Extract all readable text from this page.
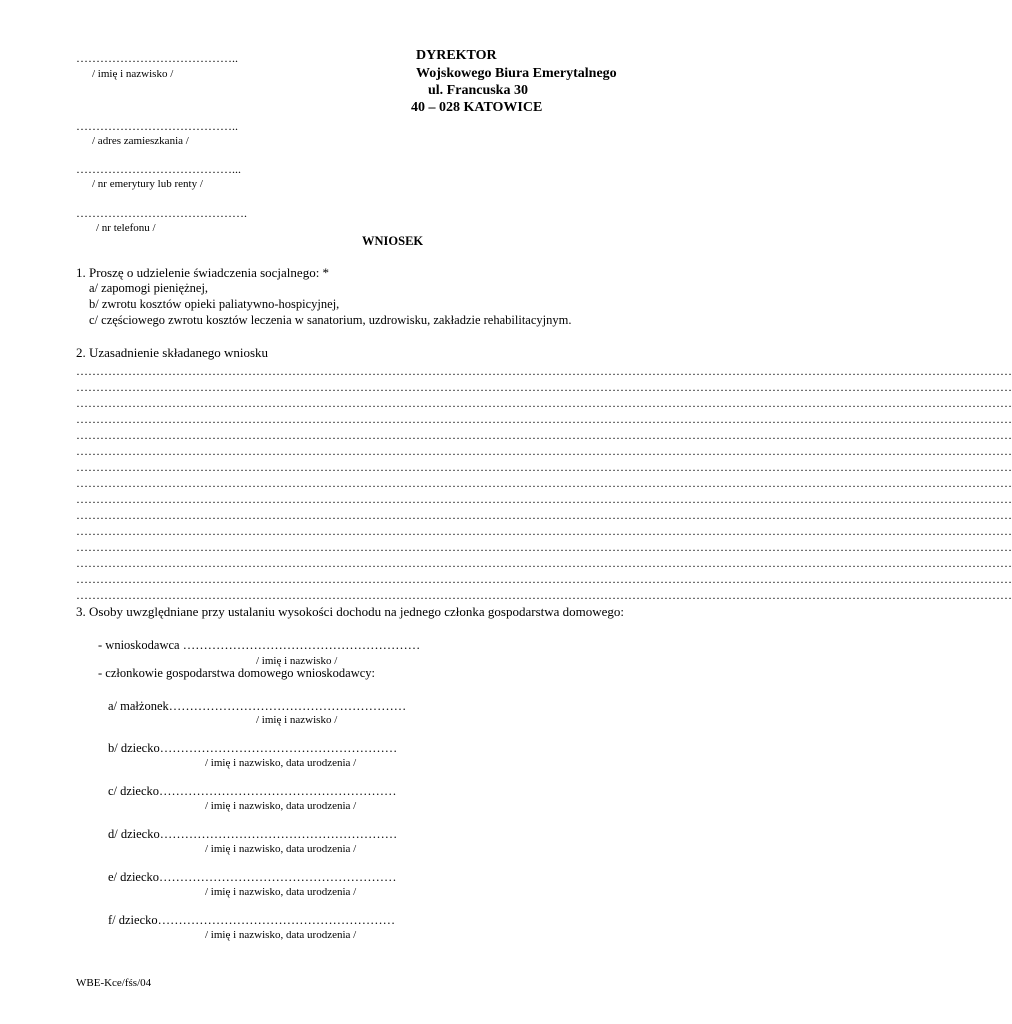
…………………………………..
/ imię i nazwisko /
…………………………………..
/ adres zamieszkania /
…………………………………...
/ nr emerytury lub renty /
…………………………………….
/ nr telefonu /
DYREKTOR
Wojskowego Biura Emerytalnego
ul. Francuska 30
40 – 028 KATOWICE
WNIOSEK
1. Proszę o udzielenie świadczenia socjalnego: *
a/ zapomogi pieniężnej,
b/ zwrotu kosztów opieki paliatywno-hospicyjnej,
c/ częściowego zwrotu kosztów leczenia w sanatorium, uzdrowisku, zakładzie rehabilitacyjnym.
2. Uzasadnienie składanego wniosku
………………………………………………………………………………………………………………………………………………………………………………………………………………
………………………………………………………………………………………………………………………………………………………………………………………………………………
………………………………………………………………………………………………………………………………………………………………………………………………………………
………………………………………………………………………………………………………………………………………………………………………………………………………………
………………………………………………………………………………………………………………………………………………………………………………………………………………
………………………………………………………………………………………………………………………………………………………………………………………………………………
………………………………………………………………………………………………………………………………………………………………………………………………………………
………………………………………………………………………………………………………………………………………………………………………………………………………………
………………………………………………………………………………………………………………………………………………………………………………………………………………
………………………………………………………………………………………………………………………………………………………………………………………………………………
………………………………………………………………………………………………………………………………………………………………………………………………………………
………………………………………………………………………………………………………………………………………………………………………………………………………………
………………………………………………………………………………………………………………………………………………………………………………………………………………
………………………………………………………………………………………………………………………………………………………………………………………………………………
………………………………………………………………………………………………………………………………………………………………………………………………………………
3. Osoby uwzględniane przy ustalaniu wysokości dochodu na jednego członka gospodarstwa domowego:
- wnioskodawca …………………………………………………
/ imię i nazwisko /
- członkowie gospodarstwa domowego wnioskodawcy:
a/ małżonek…………………………………………………
/ imię i nazwisko /
b/ dziecko…………………………………………………
/ imię i nazwisko, data urodzenia /
c/ dziecko…………………………………………………
/ imię i nazwisko, data urodzenia /
d/ dziecko…………………………………………………
/ imię i nazwisko, data urodzenia /
e/ dziecko…………………………………………………
/ imię i nazwisko, data urodzenia /
f/ dziecko…………………………………………………
/ imię i nazwisko, data urodzenia /
WBE-Kce/fśs/04
